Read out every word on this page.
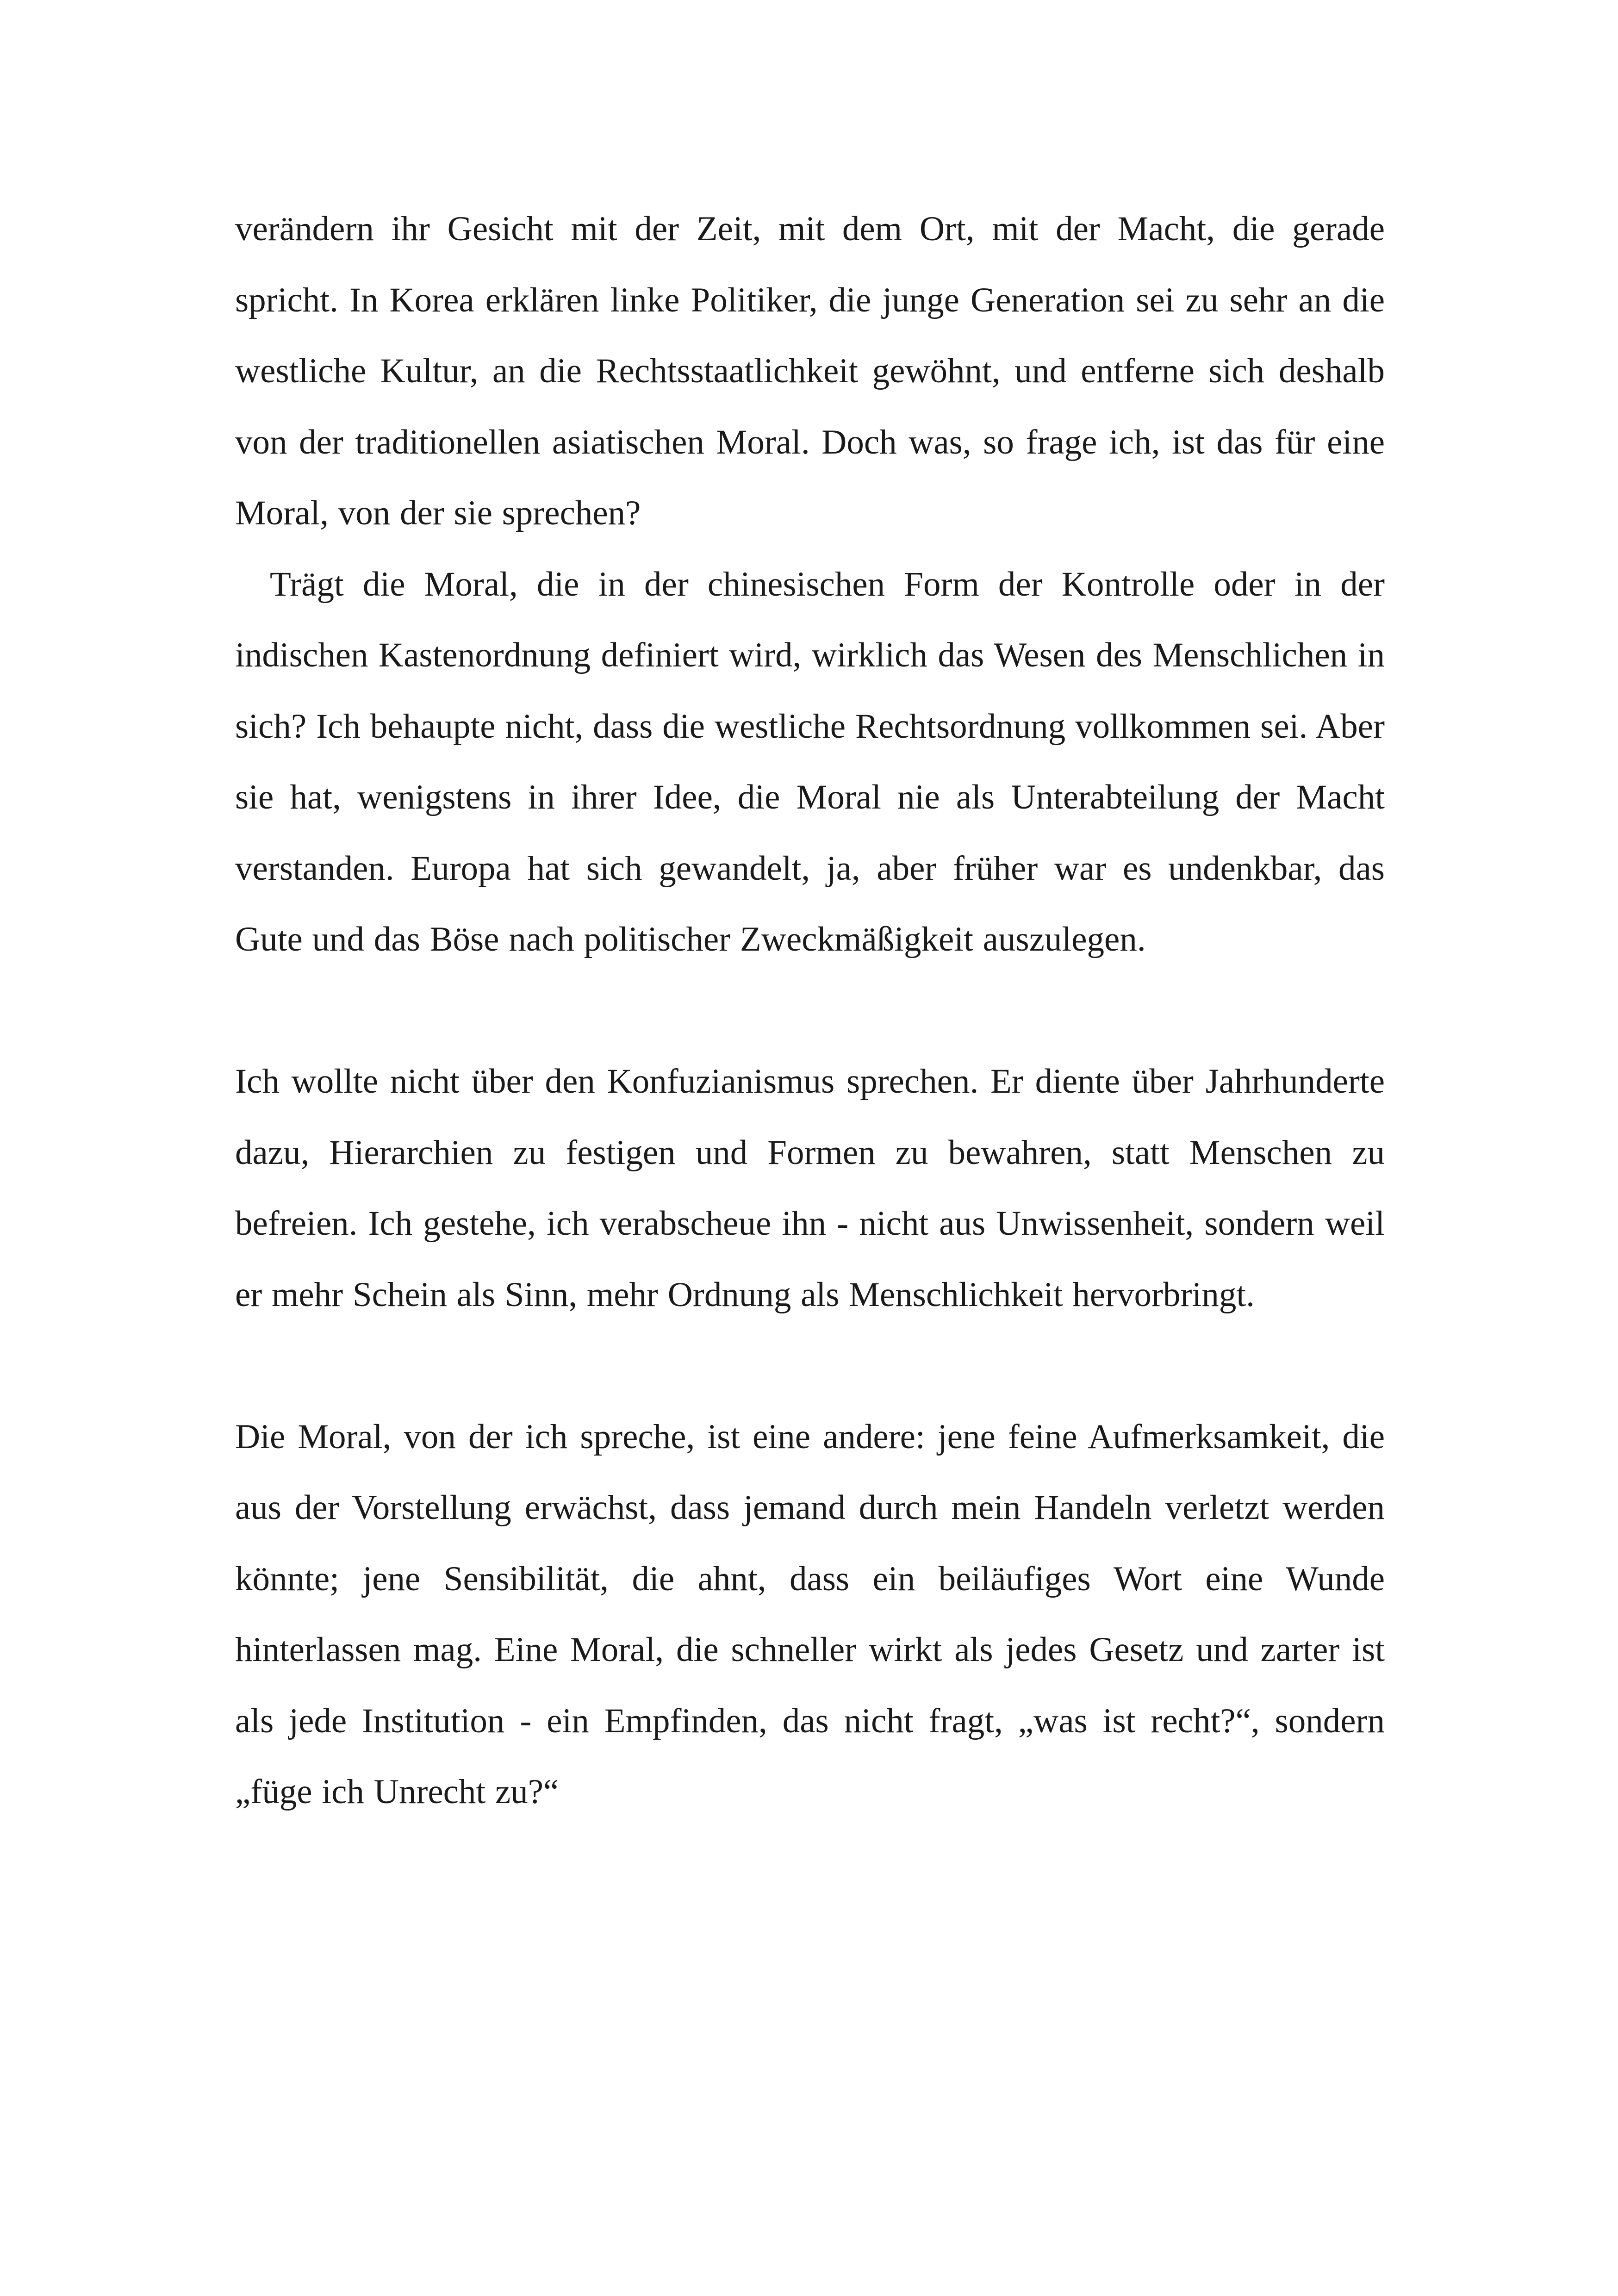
verändern ihr Gesicht mit der Zeit, mit dem Ort, mit der Macht, die gerade spricht. In Korea erklären linke Politiker, die junge Generation sei zu sehr an die westliche Kultur, an die Rechtsstaatlichkeit gewöhnt, und entferne sich deshalb von der traditionellen asiatischen Moral. Doch was, so frage ich, ist das für eine Moral, von der sie sprechen?

Trägt die Moral, die in der chinesischen Form der Kontrolle oder in der indischen Kastenordnung definiert wird, wirklich das Wesen des Menschlichen in sich? Ich behaupte nicht, dass die westliche Rechtsordnung vollkommen sei. Aber sie hat, wenigstens in ihrer Idee, die Moral nie als Unterabteilung der Macht verstanden. Europa hat sich gewandelt, ja, aber früher war es undenkbar, das Gute und das Böse nach politischer Zweckmäßigkeit auszulegen.

Ich wollte nicht über den Konfuzianismus sprechen. Er diente über Jahrhunderte dazu, Hierarchien zu festigen und Formen zu bewahren, statt Menschen zu befreien. Ich gestehe, ich verabscheue ihn - nicht aus Unwissenheit, sondern weil er mehr Schein als Sinn, mehr Ordnung als Menschlichkeit hervorbringt.

Die Moral, von der ich spreche, ist eine andere: jene feine Aufmerksamkeit, die aus der Vorstellung erwächst, dass jemand durch mein Handeln verletzt werden könnte; jene Sensibilität, die ahnt, dass ein beiläufiges Wort eine Wunde hinterlassen mag. Eine Moral, die schneller wirkt als jedes Gesetz und zarter ist als jede Institution - ein Empfinden, das nicht fragt, „was ist recht?“, sondern „füge ich Unrecht zu?“
